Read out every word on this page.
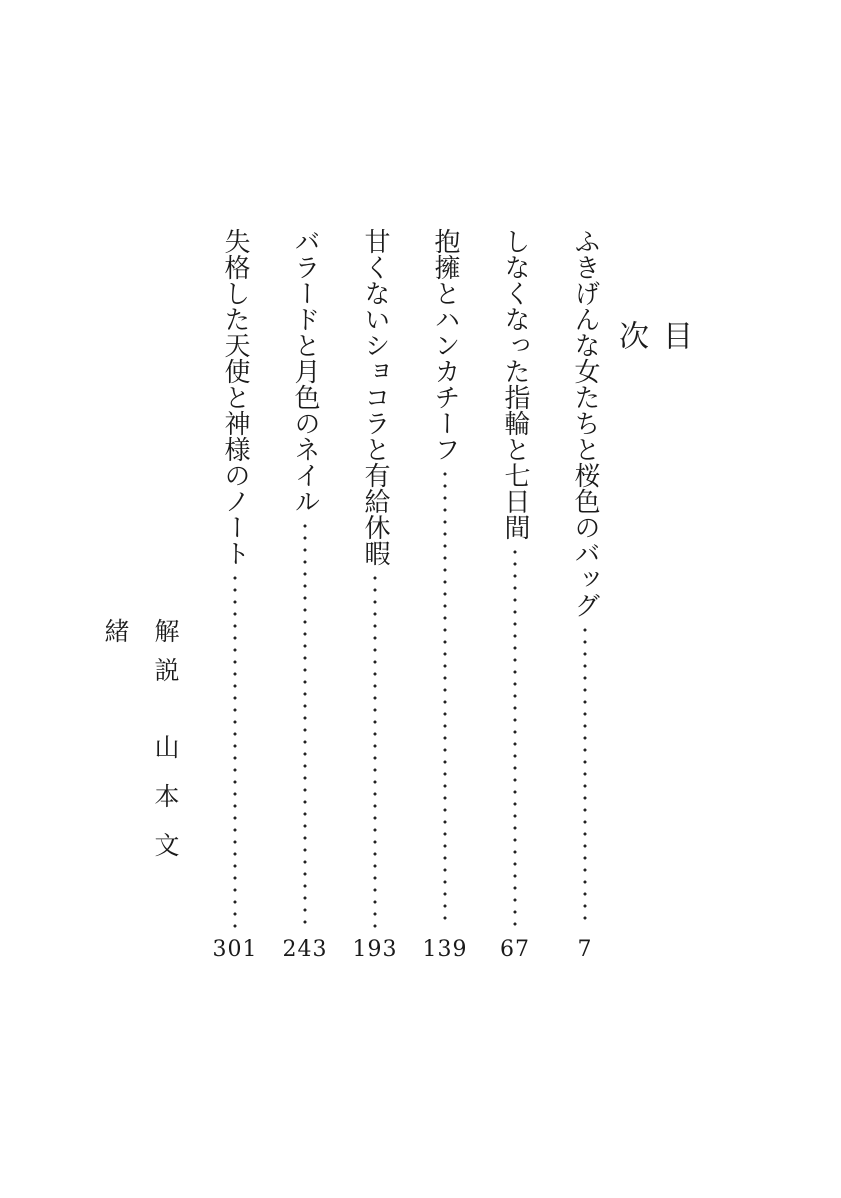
目 次
ふきげんな女たちと桜色のバッグ
7
しなくなった指輪と七日間
67
抱擁とハンカチーフ
139
甘くないショコラと有給休暇
193
バラードと月色のネイル
243
失格した天使と神様のノート
301
解説 山本文緒
